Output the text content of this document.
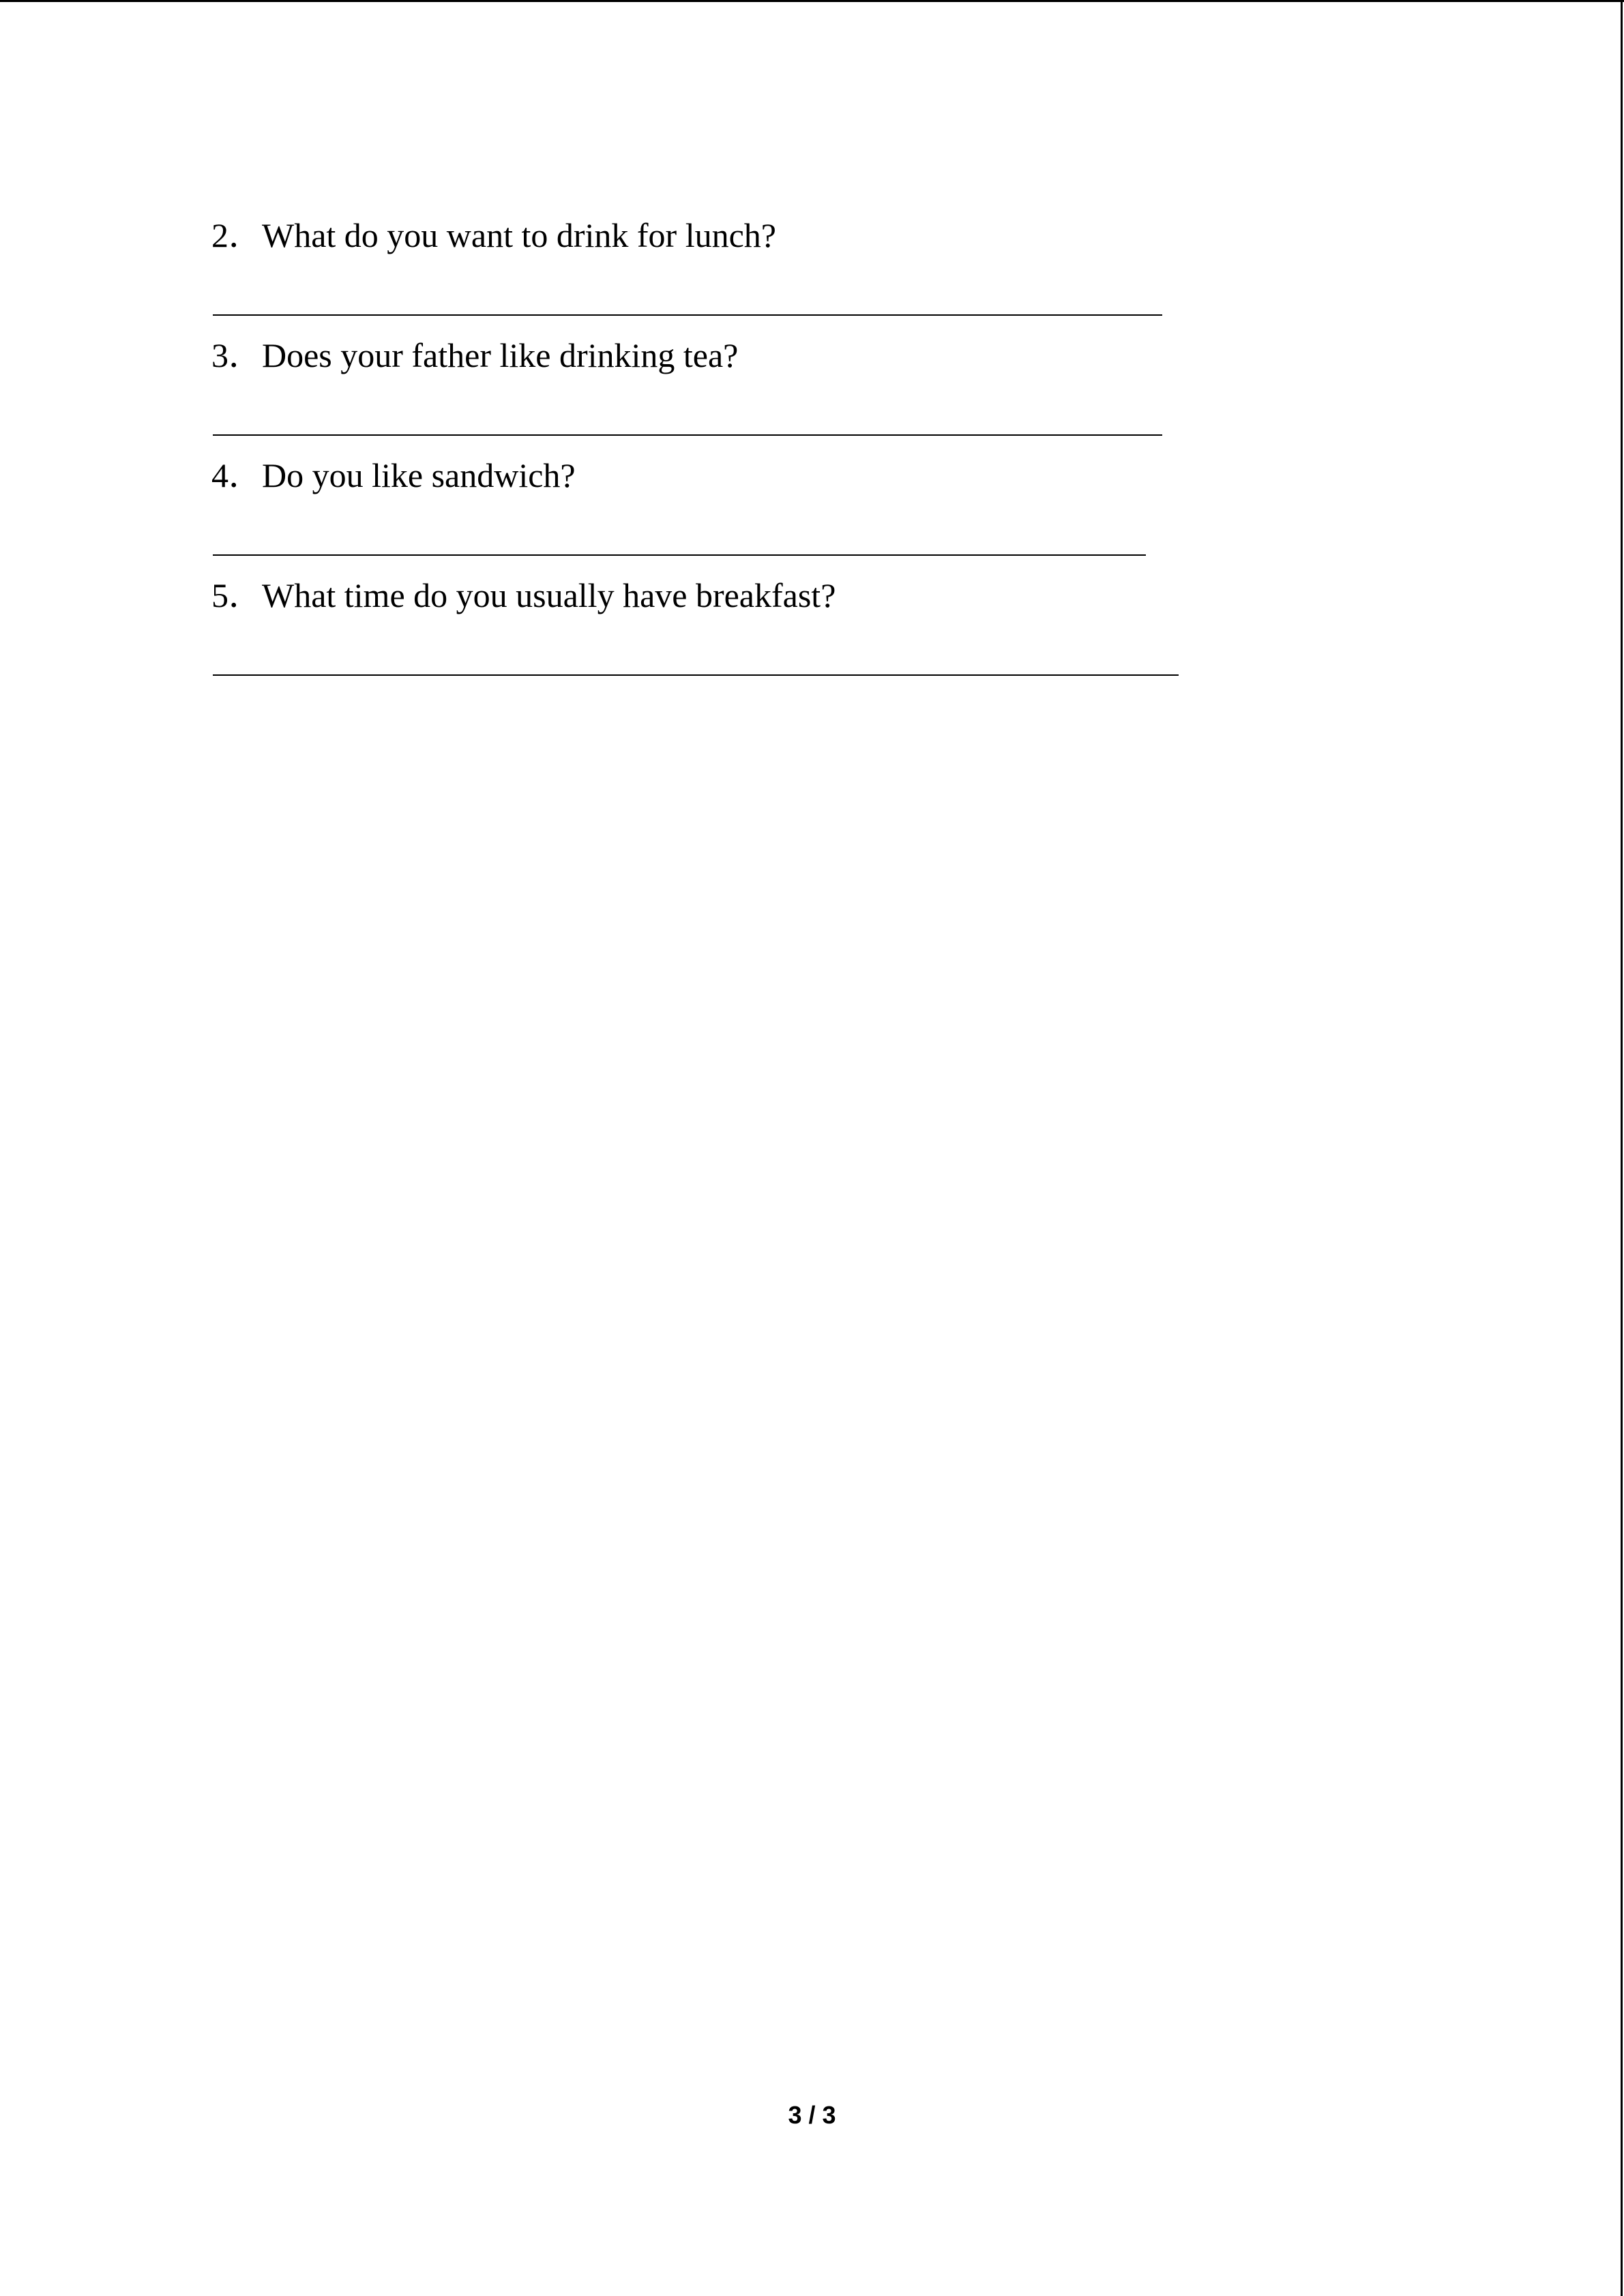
2．What do you want to drink for lunch?
3．Does your father like drinking tea?
4．Do you like sandwich?
5．What time do you usually have breakfast?
3 / 3
